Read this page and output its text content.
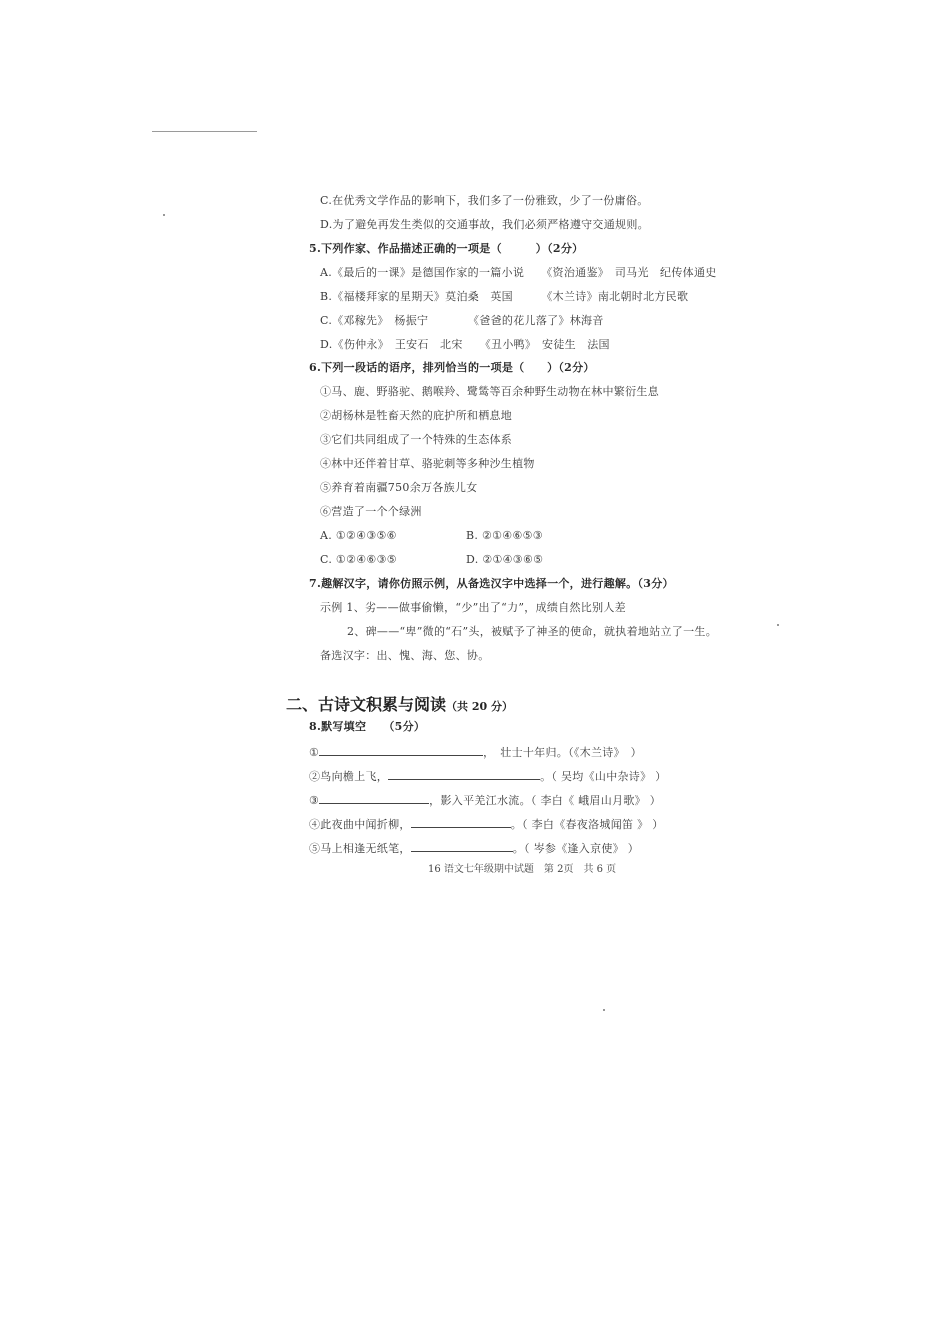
C.在优秀文学作品的影响下，我们多了一份雅致，少了一份庸俗。
D.为了避免再发生类似的交通事故，我们必须严格遵守交通规则。
5.下列作家、作品描述正确的一项是（　　　）（2分）
A.《最后的一课》是德国作家的一篇小说　　《资治通鉴》　司马光　纪传体通史
B.《福楼拜家的星期天》莫泊桑　英国　　　《木兰诗》南北朝时北方民歌
C.《邓稼先》　杨振宁　　　　《爸爸的花儿落了》林海音
D.《伤仲永》　王安石　北宋　　《丑小鸭》　安徒生　法国
6.下列一段话的语序，排列恰当的一项是（　　）（2分）
①马、鹿、野骆驼、鹅喉羚、鹭鸶等百余种野生动物在林中繁衍生息
②胡杨林是牲畜天然的庇护所和栖息地
③它们共同组成了一个特殊的生态体系
④林中还伴着甘草、骆驼刺等多种沙生植物
⑤养育着南疆750余万各族儿女
⑥营造了一个个绿洲
A. ①②④③⑤⑥	B. ②①④⑥⑤③
C. ①②④⑥③⑤	D. ②①④③⑥⑤
7.趣解汉字，请你仿照示例，从备选汉字中选择一个，进行趣解。（3分）
示例 1、劣——做事偷懒，“少”出了“力”，成绩自然比别人差
2、碑——“卑”微的“石”头，被赋予了神圣的使命，就执着地站立了一生。
备选汉字：出、愧、海、您、协。
二、古诗文积累与阅读（共 20 分）
8.默写填空　　（5分）
①	，　壮士十年归。（《木兰诗》　）
②鸟向檐上飞，	。（ 吴均《山中杂诗》 ）
③	，影入平羌江水流。（ 李白《 峨眉山月歌》 ）
④此夜曲中闻折柳，	。（ 李白《春夜洛城闻笛 》 ）
⑤马上相逢无纸笔，	。（ 岑参《逢入京使》 ）
16 语文七年级期中试题　第 2页　共 6 页
